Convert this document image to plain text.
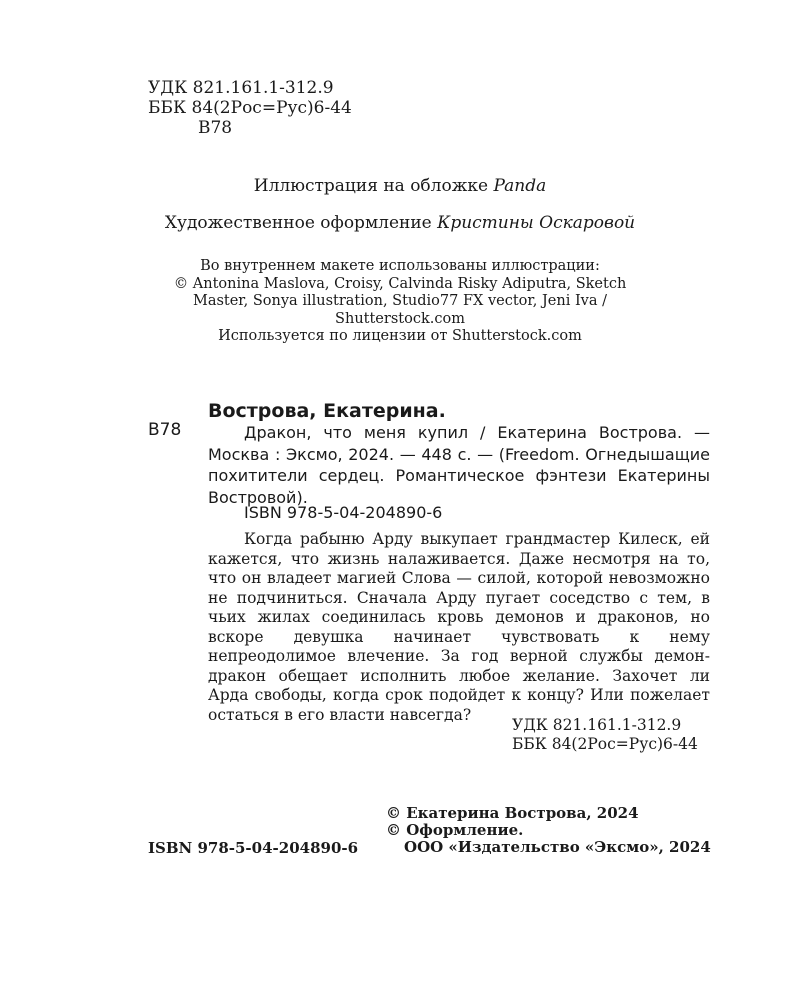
УДК 821.161.1-312.9
ББК 84(2Рос=Рус)6-44
В78
Иллюстрация на обложке Panda
Художественное оформление Кристины Оскаровой
Во внутреннем макете использованы иллюстрации:
© Antonina Maslova, Croisy, Calvinda Risky Adiputra, Sketch
Master, Sonya illustration, Studio77 FX vector, Jeni Iva /
Shutterstock.com
Используется по лицензии от Shutterstock.com
Вострова, Екатерина.
В78	Дракон, что меня купил / Екатерина Вострова. — Москва : Эксмо, 2024. — 448 с. — (Freedom. Огнедышащие похитители сердец. Романтическое фэнтези Екатерины Востровой).
ISBN 978-5-04-204890-6
Когда рабыню Арду выкупает грандмастер Килеск, ей кажется, что жизнь налаживается. Даже несмотря на то, что он владеет магией Слова — силой, которой невозможно не подчиниться. Сначала Арду пугает соседство с тем, в чьих жилах соединилась кровь демонов и драконов, но вскоре девушка начинает чувствовать к нему непреодолимое влечение. За год верной службы демон-дракон обещает исполнить любое желание. Захочет ли Арда свободы, когда срок подойдет к концу? Или пожелает остаться в его власти навсегда?
УДК 821.161.1-312.9
ББК 84(2Рос=Рус)6-44
© Екатерина Вострова, 2024
© Оформление.
ООО «Издательство «Эксмо», 2024
ISBN 978-5-04-204890-6
